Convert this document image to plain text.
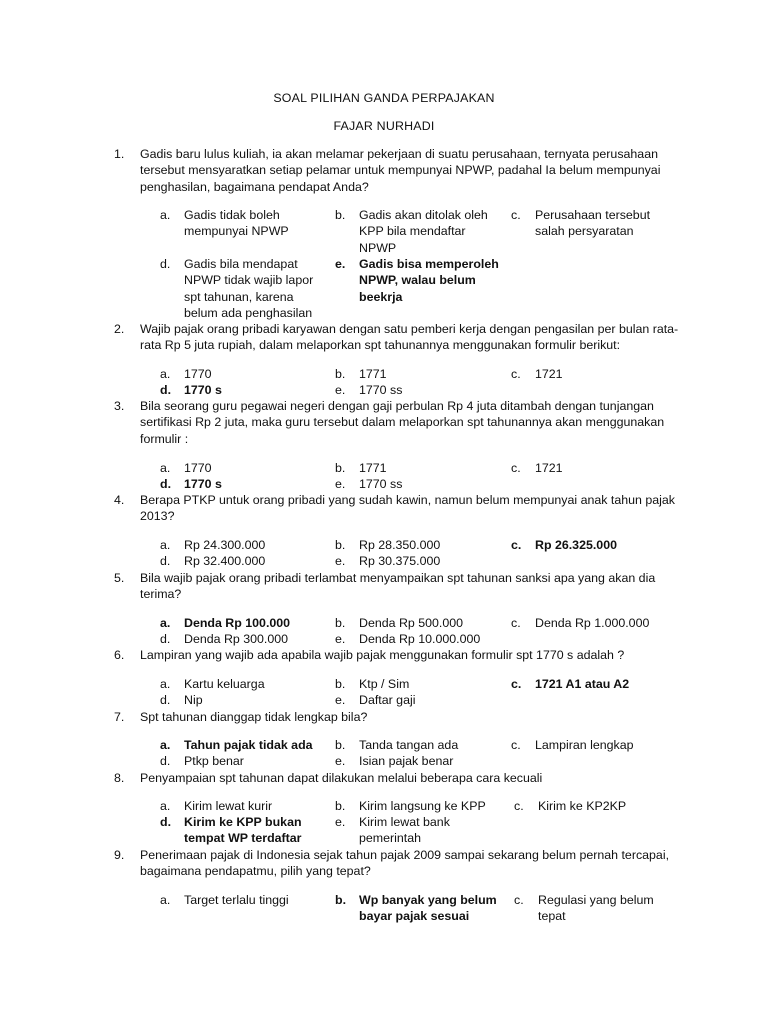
SOAL PILIHAN GANDA PERPAJAKAN
FAJAR NURHADI
1.	Gadis baru lulus kuliah, ia akan melamar pekerjaan di suatu perusahaan, ternyata perusahaan tersebut mensyaratkan setiap pelamar untuk mempunyai NPWP, padahal Ia belum mempunyai penghasilan, bagaimana pendapat Anda?
a.	Gadis tidak boleh mempunyai NPWP
b.	Gadis akan ditolak oleh KPP bila mendaftar NPWP
c.	Perusahaan tersebut salah persyaratan
d.	Gadis bila mendapat NPWP tidak wajib lapor spt tahunan, karena belum ada penghasilan
e.	Gadis bisa memperoleh NPWP, walau belum beekrja
2.	Wajib pajak orang pribadi karyawan dengan satu pemberi kerja dengan pengasilan per bulan rata-rata Rp 5 juta rupiah, dalam melaporkan spt tahunannya menggunakan formulir berikut:
a.	1770	b.	1771	c.	1721
d.	1770 s	e.	1770 ss
3.	Bila seorang guru pegawai negeri dengan gaji perbulan Rp 4 juta ditambah dengan tunjangan sertifikasi Rp 2 juta, maka guru tersebut dalam melaporkan spt tahunannya akan menggunakan formulir :
a.	1770	b.	1771	c.	1721
d.	1770 s	e.	1770 ss
4.	Berapa PTKP untuk orang pribadi yang sudah kawin, namun belum mempunyai anak tahun pajak 2013?
a.	Rp 24.300.000	b.	Rp 28.350.000	c.	Rp 26.325.000
d.	Rp 32.400.000	e.	Rp 30.375.000
5.	Bila wajib pajak orang pribadi terlambat menyampaikan spt tahunan sanksi apa yang akan dia terima?
a.	Denda Rp 100.000	b.	Denda Rp 500.000	c.	Denda Rp 1.000.000
d.	Denda Rp 300.000	e.	Denda Rp 10.000.000
6.	Lampiran yang wajib ada apabila wajib pajak menggunakan formulir spt 1770 s adalah ?
a.	Kartu keluarga	b.	Ktp / Sim	c.	1721 A1 atau A2
d.	Nip	e.	Daftar gaji
7.	Spt tahunan dianggap tidak lengkap bila?
a.	Tahun pajak tidak ada	b.	Tanda tangan ada	c.	Lampiran lengkap
d.	Ptkp benar	e.	Isian pajak benar
8.	Penyampaian spt tahunan dapat dilakukan melalui beberapa cara kecuali
a.	Kirim lewat kurir	b.	Kirim langsung ke KPP	c.	Kirim ke KP2KP
d.	Kirim ke KPP bukan tempat WP terdaftar
e.	Kirim lewat bank pemerintah
9.	Penerimaan pajak di Indonesia sejak tahun pajak 2009 sampai sekarang belum pernah tercapai, bagaimana pendapatmu, pilih yang tepat?
a.	Target terlalu tinggi	b.	Wp banyak yang belum bayar pajak sesuai
c.	Regulasi yang belum tepat
